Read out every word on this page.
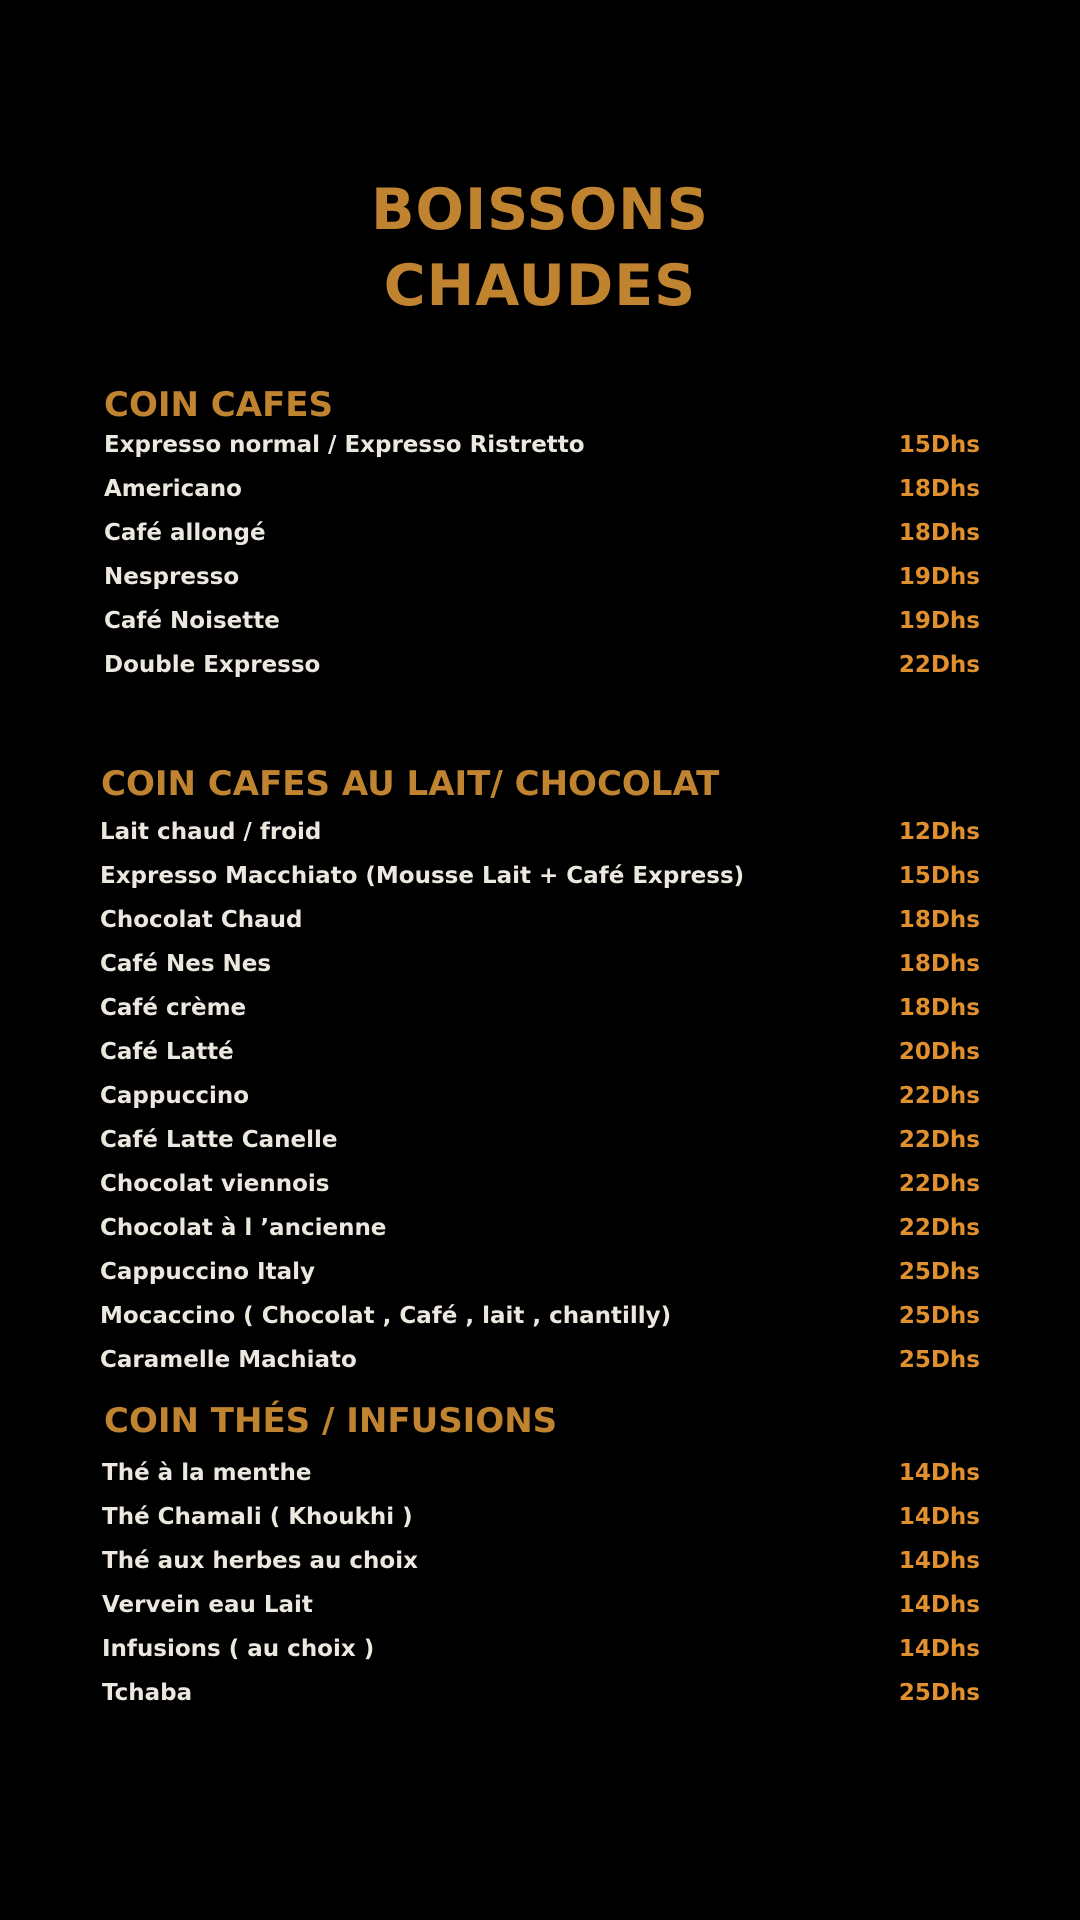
BOISSONS
CHAUDES
COIN CAFES
Expresso normal / Expresso Ristretto	15Dhs
Americano	18Dhs
Café allongé	18Dhs
Nespresso	19Dhs
Café Noisette	19Dhs
Double Expresso	22Dhs
COIN CAFES AU LAIT/ CHOCOLAT
Lait chaud / froid	12Dhs
Expresso Macchiato (Mousse Lait + Café Express)	15Dhs
Chocolat Chaud	18Dhs
Café Nes Nes	18Dhs
Café crème	18Dhs
Café Latté	20Dhs
Cappuccino	22Dhs
Café Latte Canelle	22Dhs
Chocolat viennois	22Dhs
Chocolat à l ’ancienne	22Dhs
Cappuccino Italy	25Dhs
Mocaccino ( Chocolat , Café , lait , chantilly)	25Dhs
Caramelle Machiato	25Dhs
COIN THÉS / INFUSIONS
Thé à la menthe	14Dhs
Thé Chamali ( Khoukhi )	14Dhs
Thé aux herbes au choix	14Dhs
Vervein eau Lait	14Dhs
Infusions ( au choix )	14Dhs
Tchaba	25Dhs
